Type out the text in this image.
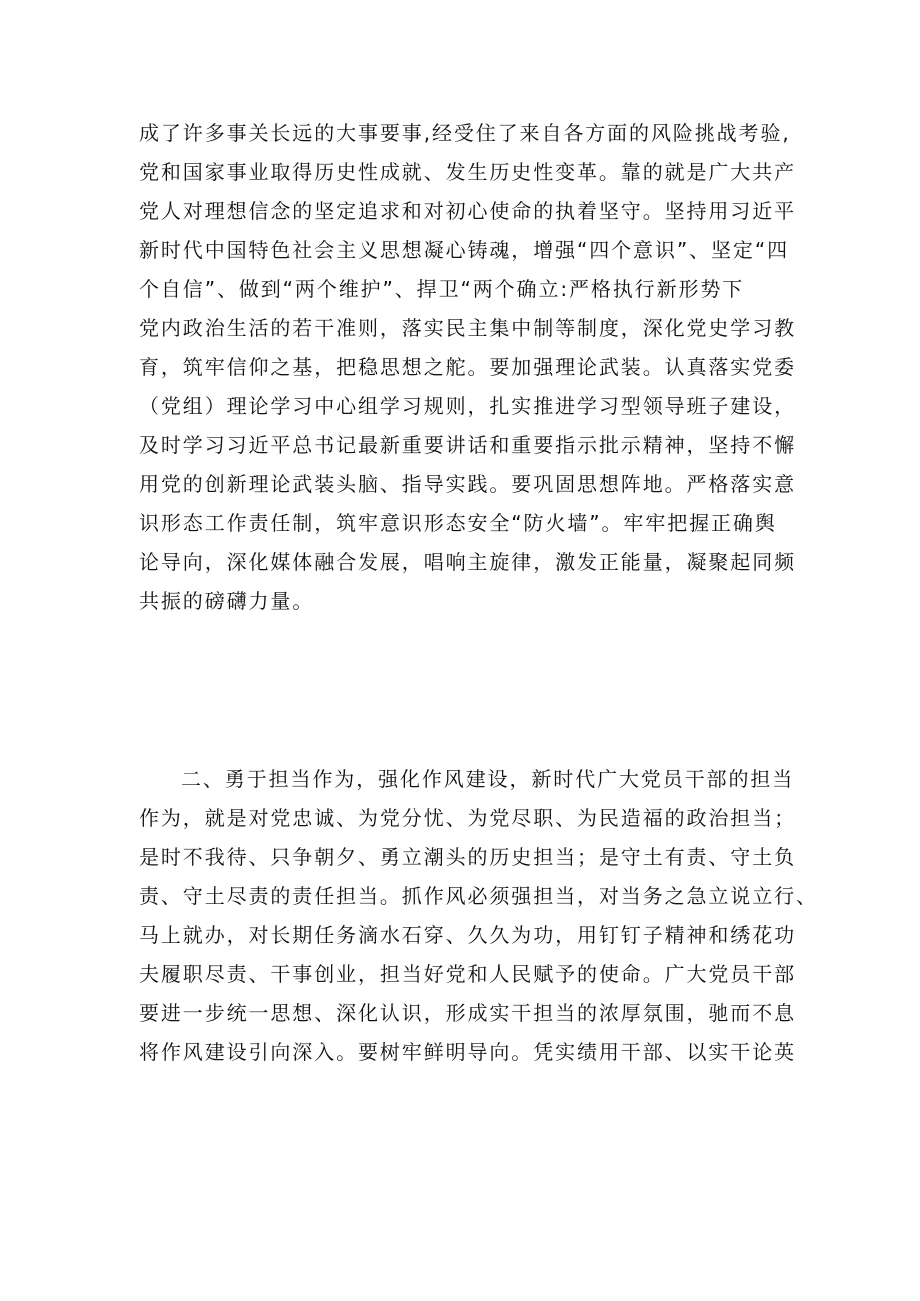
成了许多事关长远的大事要事,经受住了来自各方面的风险挑战考验,
党和国家事业取得历史性成就、发生历史性变革。靠的就是广大共产
党人对理想信念的坚定追求和对初心使命的执着坚守。坚持用习近平
新时代中国特色社会主义思想凝心铸魂，增强“四个意识”、坚定“四
个自信”、做到“两个维护”、捍卫“两个确立:严格执行新形势下
党内政治生活的若干准则，落实民主集中制等制度，深化党史学习教
育，筑牢信仰之基，把稳思想之舵。要加强理论武装。认真落实党委
（党组）理论学习中心组学习规则，扎实推进学习型领导班子建设，
及时学习习近平总书记最新重要讲话和重要指示批示精神，坚持不懈
用党的创新理论武装头脑、指导实践。要巩固思想阵地。严格落实意
识形态工作责任制，筑牢意识形态安全“防火墙”。牢牢把握正确舆
论导向，深化媒体融合发展，唱响主旋律，激发正能量，凝聚起同频
共振的磅礴力量。
二、勇于担当作为，强化作风建设，新时代广大党员干部的担当
作为，就是对党忠诚、为党分忧、为党尽职、为民造福的政治担当；
是时不我待、只争朝夕、勇立潮头的历史担当；是守土有责、守土负
责、守土尽责的责任担当。抓作风必须强担当，对当务之急立说立行、
马上就办，对长期任务滴水石穿、久久为功，用钉钉子精神和绣花功
夫履职尽责、干事创业，担当好党和人民赋予的使命。广大党员干部
要进一步统一思想、深化认识，形成实干担当的浓厚氛围，驰而不息
将作风建设引向深入。要树牢鲜明导向。凭实绩用干部、以实干论英
